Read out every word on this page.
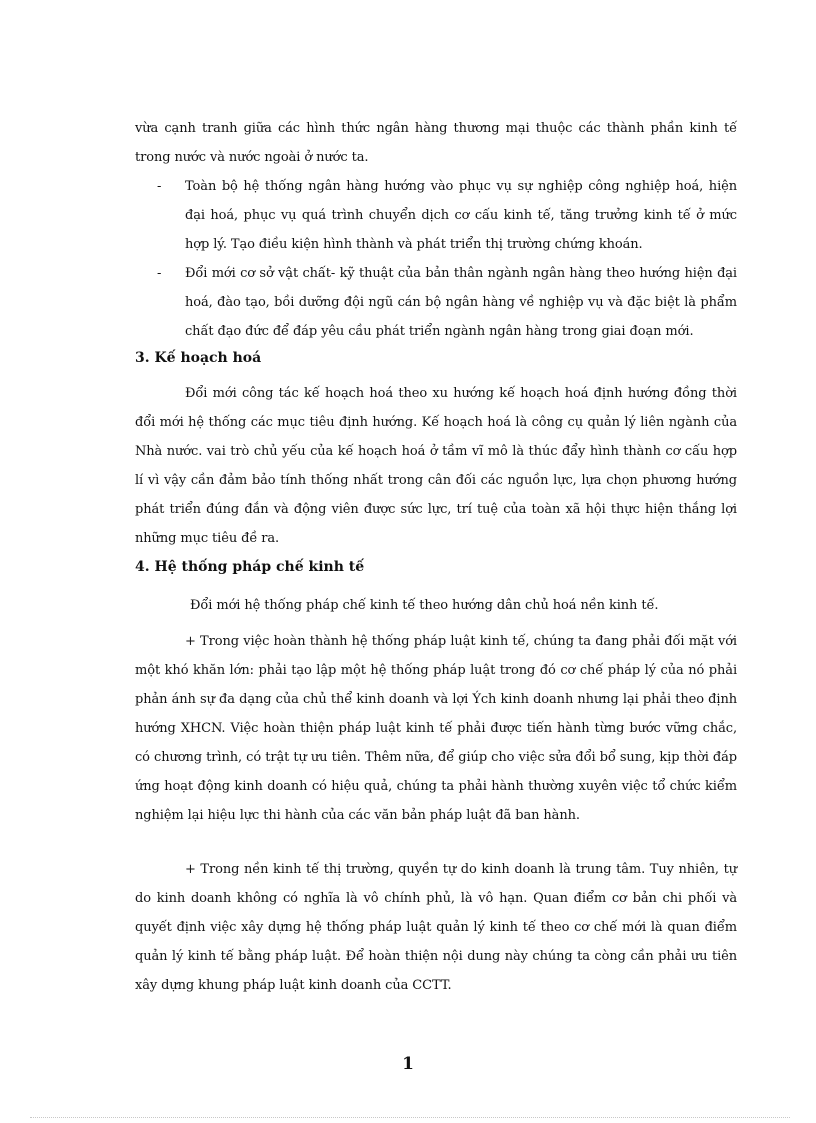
vừa cạnh tranh giữa các hình thức ngân hàng thương mại thuộc các thành phần kinh tế trong nước và nước ngoài ở nước ta.

-	Toàn bộ hệ thống ngân hàng hướng vào phục vụ sự nghiệp công nghiệp hoá, hiện đại hoá, phục vụ quá trình chuyển dịch cơ cấu kinh tế, tăng trưởng kinh tế ở mức hợp lý. Tạo điều kiện hình thành và phát triển thị trường chứng khoán.

-	Đổi mới cơ sở vật chất- kỹ thuật của bản thân ngành ngân hàng theo hướng hiện đại hoá, đào tạo, bồi dưỡng đội ngũ cán bộ ngân hàng về nghiệp vụ và đặc biệt là phẩm chất đạo đức để đáp yêu cầu phát triển ngành ngân hàng trong giai đoạn mới.

3. Kế hoạch hoá

Đổi mới công tác kế hoạch hoá theo xu hướng kế hoạch hoá định hướng đồng thời đổi mới hệ thống các mục tiêu định hướng. Kế hoạch hoá là công cụ quản lý liên ngành của Nhà nước. vai trò chủ yếu của kế hoạch hoá ở tầm vĩ mô là thúc đẩy hình thành cơ cấu hợp lí vì vậy cần đảm bảo tính thống nhất trong cân đối các nguồn lực, lựa chọn phương hướng phát triển đúng đắn và động viên được sức lực, trí tuệ của toàn xã hội thực hiện thắng lợi những mục tiêu đề ra.

4. Hệ thống pháp chế kinh tế

Đổi mới hệ thống pháp chế kinh tế theo hướng dân chủ hoá nền kinh tế.

+ Trong việc hoàn thành hệ thống pháp luật kinh tế, chúng ta đang phải đối mặt với một khó khăn lớn: phải tạo lập một hệ thống pháp luật trong đó cơ chế pháp lý của nó phải phản ánh sự đa dạng của chủ thể kinh doanh và lợi Ých kinh doanh nhưng lại phải theo định hướng XHCN. Việc hoàn thiện pháp luật kinh tế phải được tiến hành từng bước vững chắc, có chương trình, có trật tự ưu tiên. Thêm nữa, để giúp cho việc sửa đổi bổ sung, kịp thời đáp ứng hoạt động kinh doanh có hiệu quả, chúng ta phải hành thường xuyên việc tổ chức kiểm nghiệm lại hiệu lực thi hành của các văn bản pháp luật đã ban hành.

+ Trong nền kinh tế thị trường, quyền tự do kinh doanh là trung tâm. Tuy nhiên, tự do kinh doanh không có nghĩa là vô chính phủ, là vô hạn. Quan điểm cơ bản chi phối và quyết định việc xây dựng hệ thống pháp luật quản lý kinh tế theo cơ chế mới là quan điểm quản lý kinh tế bằng pháp luật. Để hoàn thiện nội dung này chúng ta còng cần phải ưu tiên xây dựng khung pháp luật kinh doanh của CCTT.

1
